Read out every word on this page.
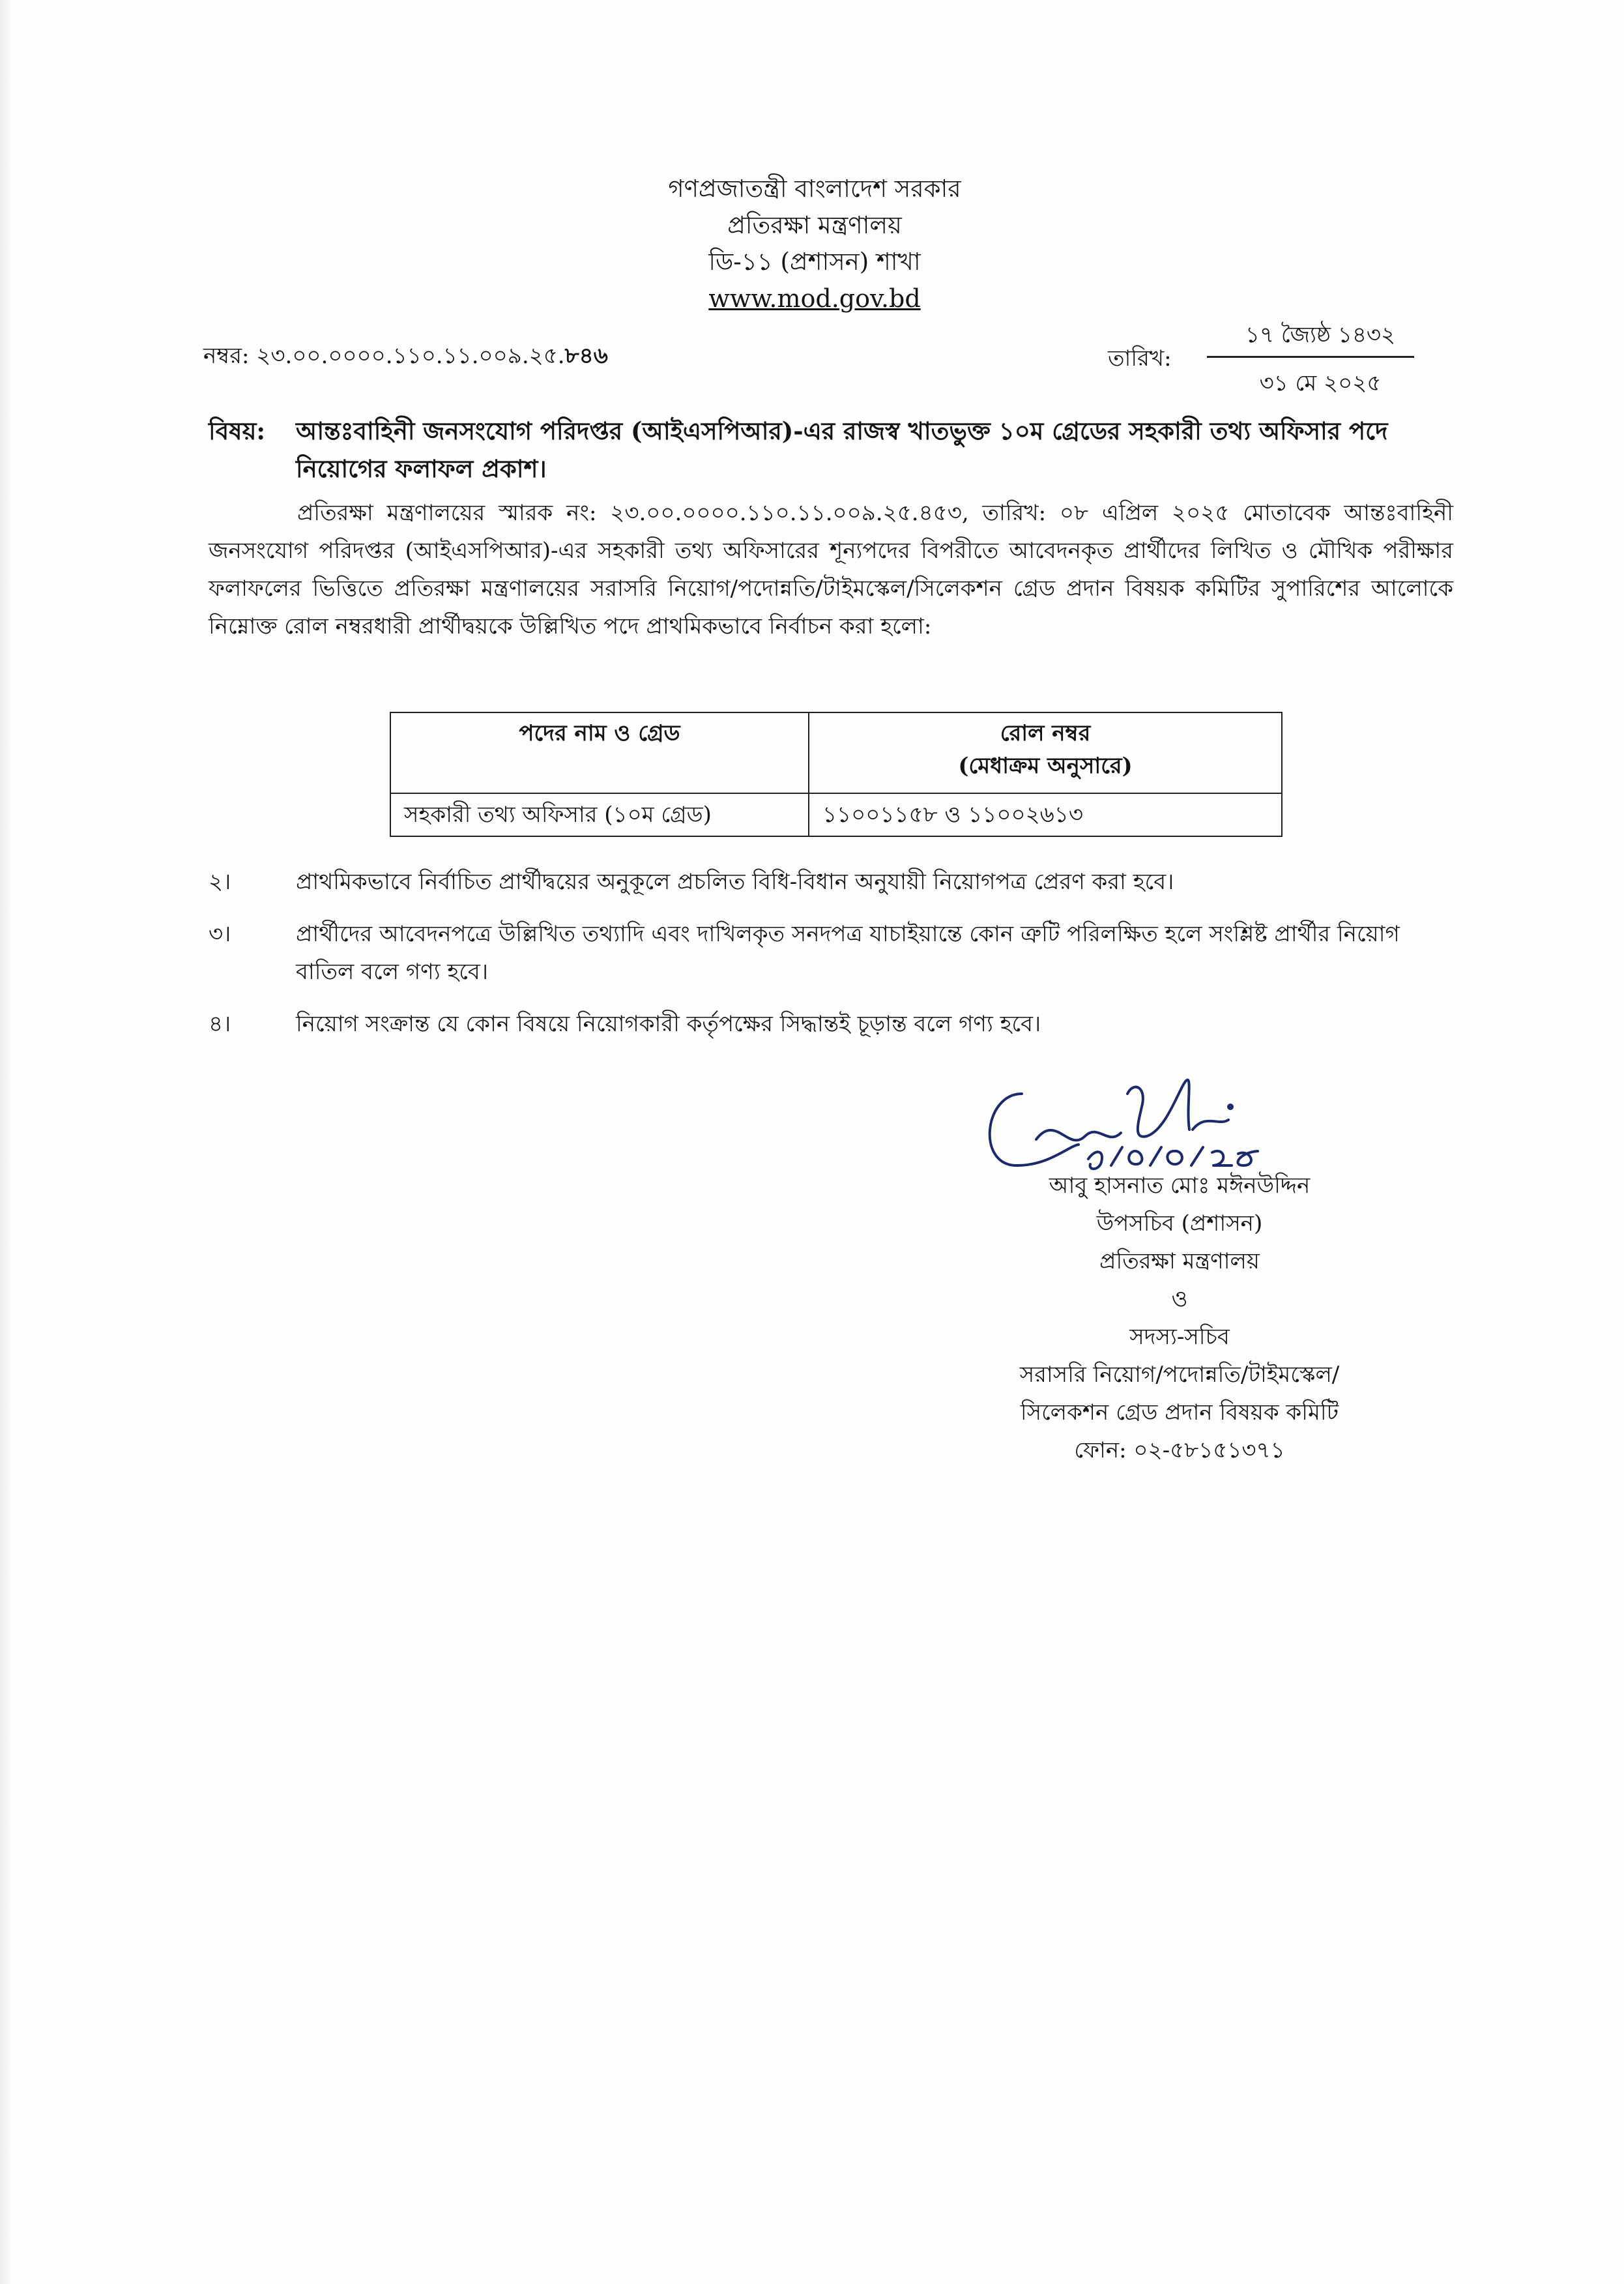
গণপ্রজাতন্ত্রী বাংলাদেশ সরকার
প্রতিরক্ষা মন্ত্রণালয়
ডি-১১ (প্রশাসন) শাখা
www.mod.gov.bd
নম্বর: ২৩.০০.০০০০.১১০.১১.০০৯.২৫.৮৪৬	তারিখ:
১৭ জ্যৈষ্ঠ ১৪৩২
৩১ মে ২০২৫
বিষয়: আন্তঃবাহিনী জনসংযোগ পরিদপ্তর (আইএসপিআর)-এর রাজস্ব খাতভুক্ত ১০ম গ্রেডের সহকারী তথ্য অফিসার পদে নিয়োগের ফলাফল প্রকাশ।
প্রতিরক্ষা মন্ত্রণালয়ের স্মারক নং: ২৩.০০.০০০০.১১০.১১.০০৯.২৫.৪৫৩, তারিখ: ০৮ এপ্রিল ২০২৫ মোতাবেক আন্তঃবাহিনী জনসংযোগ পরিদপ্তর (আইএসপিআর)-এর সহকারী তথ্য অফিসারের শূন্যপদের বিপরীতে আবেদনকৃত প্রার্থীদের লিখিত ও মৌখিক পরীক্ষার ফলাফলের ভিত্তিতে প্রতিরক্ষা মন্ত্রণালয়ের সরাসরি নিয়োগ/পদোন্নতি/টাইমস্কেল/সিলেকশন গ্রেড প্রদান বিষয়ক কমিটির সুপারিশের আলোকে নিম্নোক্ত রোল নম্বরধারী প্রার্থীদ্বয়কে উল্লিখিত পদে প্রাথমিকভাবে নির্বাচন করা হলো:
পদের নাম ও গ্রেড	রোল নম্বর
(মেধাক্রম অনুসারে)

সহকারী তথ্য অফিসার (১০ম গ্রেড)	১১০০১১৫৮ ও ১১০০২৬১৩
২।	প্রাথমিকভাবে নির্বাচিত প্রার্থীদ্বয়ের অনুকূলে প্রচলিত বিধি-বিধান অনুযায়ী নিয়োগপত্র প্রেরণ করা হবে।
৩।	প্রার্থীদের আবেদনপত্রে উল্লিখিত তথ্যাদি এবং দাখিলকৃত সনদপত্র যাচাইয়ান্তে কোন ত্রুটি পরিলক্ষিত হলে সংশ্লিষ্ট প্রার্থীর নিয়োগ বাতিল বলে গণ্য হবে।
৪।	নিয়োগ সংক্রান্ত যে কোন বিষয়ে নিয়োগকারী কর্তৃপক্ষের সিদ্ধান্তই চূড়ান্ত বলে গণ্য হবে।
আবু হাসনাত মোঃ মঈনউদ্দিন
উপসচিব (প্রশাসন)
প্রতিরক্ষা মন্ত্রণালয়
ও
সদস্য-সচিব
সরাসরি নিয়োগ/পদোন্নতি/টাইমস্কেল/
সিলেকশন গ্রেড প্রদান বিষয়ক কমিটি
ফোন: ০২-৫৮১৫১৩৭১
